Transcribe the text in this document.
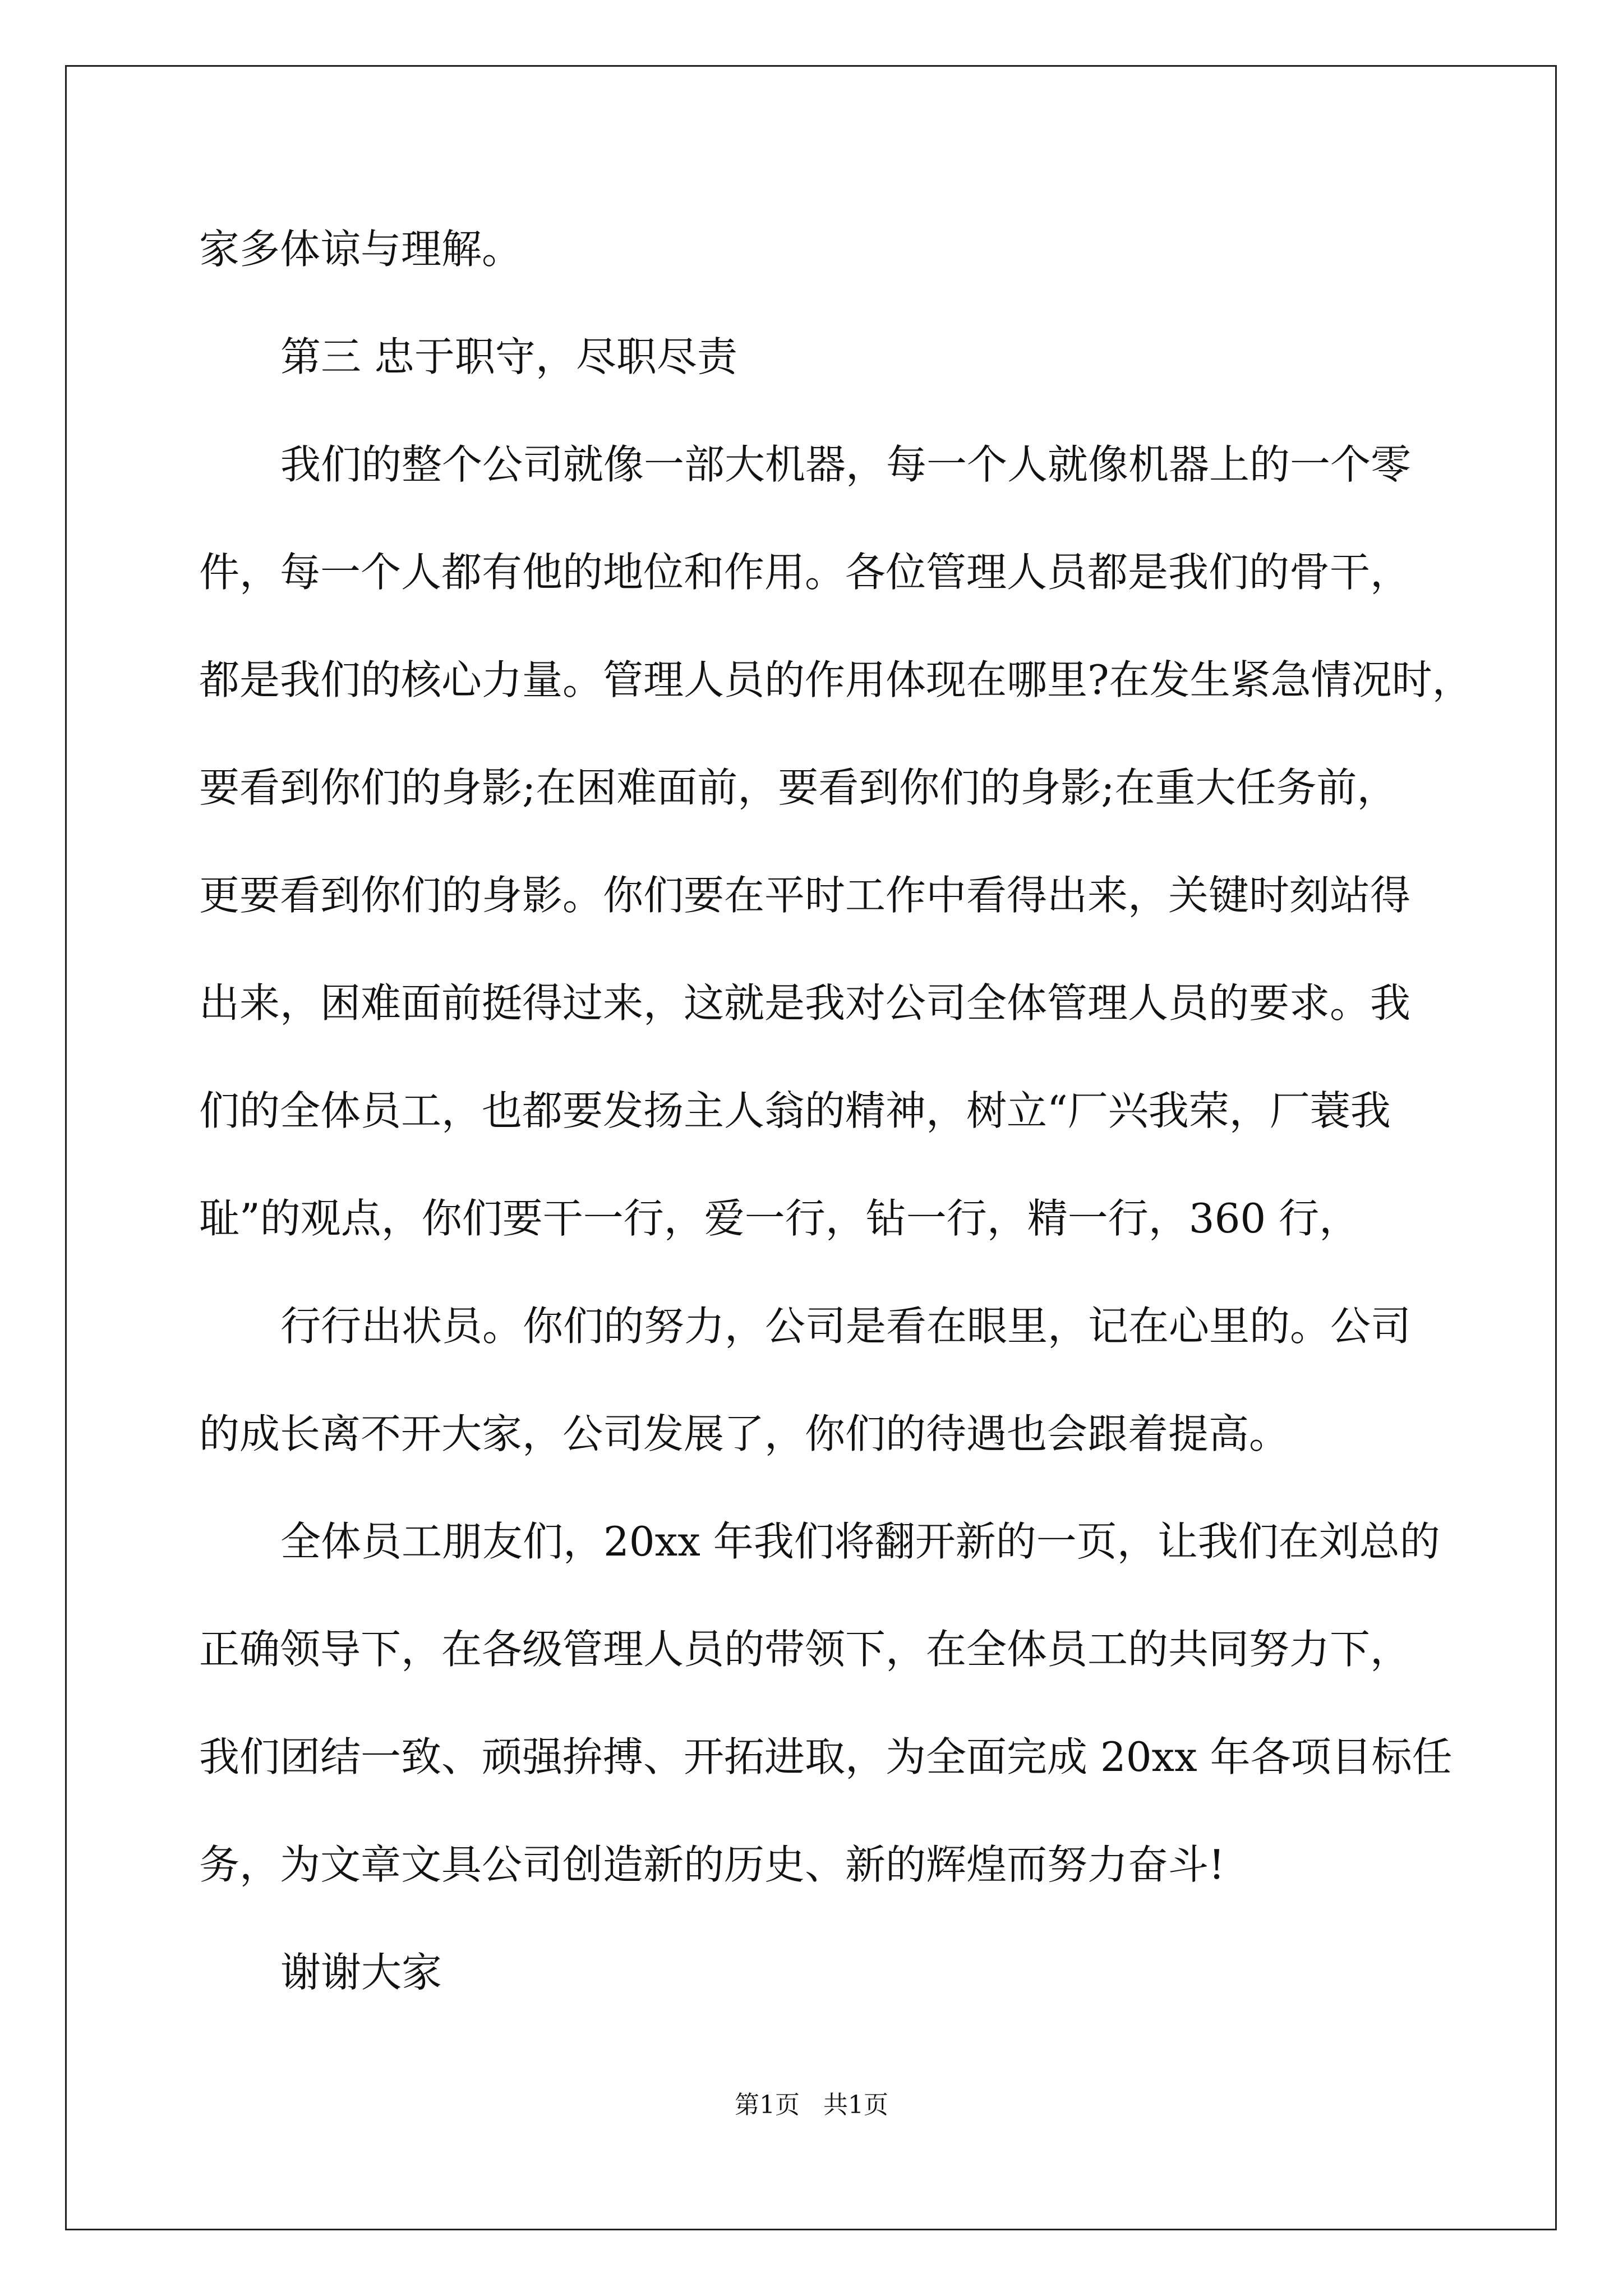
家多体谅与理解。
第三 忠于职守，尽职尽责
我们的整个公司就像一部大机器，每一个人就像机器上的一个零
件，每一个人都有他的地位和作用。各位管理人员都是我们的骨干，
都是我们的核心力量。管理人员的作用体现在哪里?在发生紧急情况时，
要看到你们的身影;在困难面前，要看到你们的身影;在重大任务前，
更要看到你们的身影。你们要在平时工作中看得出来，关键时刻站得
出来，困难面前挺得过来，这就是我对公司全体管理人员的要求。我
们的全体员工，也都要发扬主人翁的精神，树立“厂兴我荣，厂蓑我
耻”的观点，你们要干一行，爱一行，钻一行，精一行，360 行，
行行出状员。你们的努力，公司是看在眼里，记在心里的。公司
的成长离不开大家，公司发展了，你们的待遇也会跟着提高。
全体员工朋友们，20xx 年我们将翻开新的一页，让我们在刘总的
正确领导下，在各级管理人员的带领下，在全体员工的共同努力下，
我们团结一致、顽强拚搏、开拓进取，为全面完成 20xx 年各项目标任
务，为文章文具公司创造新的历史、新的辉煌而努力奋斗!
谢谢大家
第1页   共1页
